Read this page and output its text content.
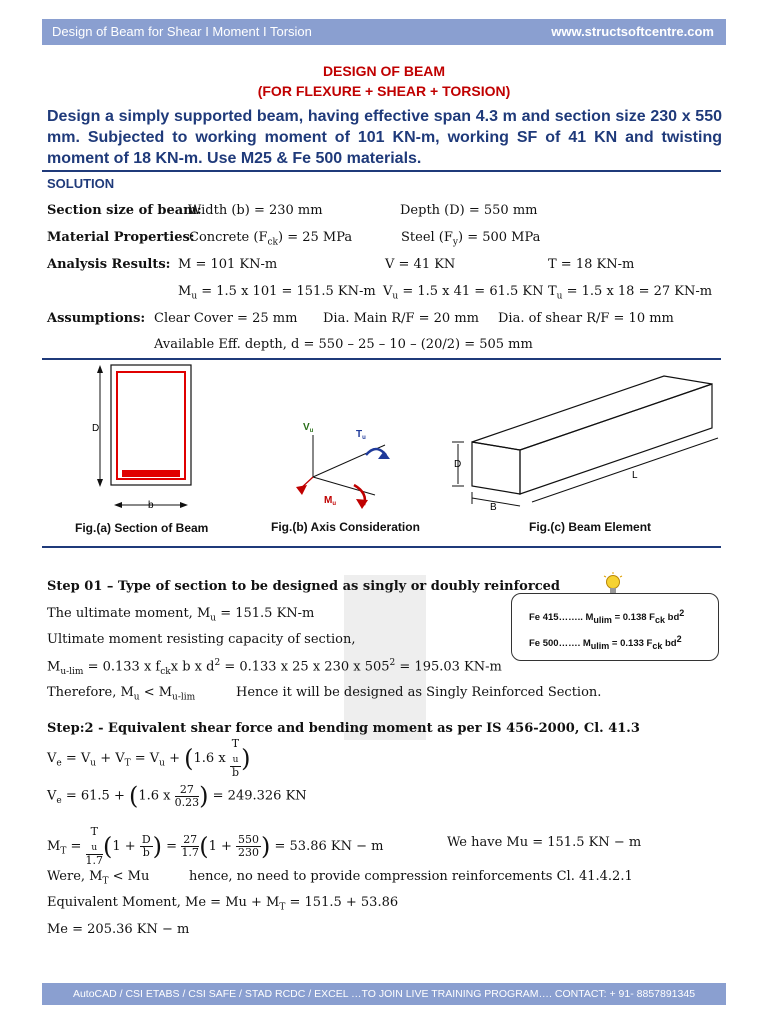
Design of Beam for Shear I Moment I Torsion	www.structsoftcentre.com
DESIGN OF BEAM
(FOR FLEXURE + SHEAR + TORSION)
Design a simply supported beam, having effective span 4.3 m and section size 230 x 550 mm. Subjected to working moment of 101 KN-m, working SF of 41 KN and twisting moment of 18 KN-m. Use M25 & Fe 500 materials.
SOLUTION
Section size of beam:
Width (b) = 230 mm	Depth (D) = 550 mm
Material Properties:
Concrete $(F_{ck}) = 25$ MPa	Steel $(F_y) = 500$ MPa
Analysis Results: M = 101 KN-m	V = 41 KN	T = 18 KN-m
$M_u = 1.5$ x 101 = 151.5 KN-m $V_u = 1.5$ x 41 = 61.5 KN $T_u = 1.5$ x 18 = 27 KN-m
Assumptions: Clear Cover = 25 mm Dia. Main R/F = 20 mm Dia. of shear R/F = 10 mm
Available Eff. depth, d = 550 – 25 – 10 – (20/2) = 505 mm
D
b
Fig.(a) Section of Beam
$V_u$	$T_u$
$M_u$
Fig.(b) Axis Consideration
D
B
L
Fig.(c) Beam Element
Step 01 – Type of section to be designed as singly or doubly reinforced
Fe 415…….. $M_{ulim} = 0.138$ $F_{ck}$ $bd^2$
Fe 500……. $M_{ulim} = 0.133$ $F_{ck}$ $bd^2$
The ultimate moment, $M_u = 151.5$ KN-m
Ultimate moment resisting capacity of section,
$M_{u-lim} = 0.133$ x $f_{ck}x$ b x $d^2 = 0.133$ x 25 x 230 x $505^2 = 195.03$ KN-m
Therefore, $M_u < M_{u-lim}$	Hence it will be designed as Singly Reinforced Section.
Step:2 - Equivalent shear force and bending moment as per IS 456-2000, Cl. 41.3
$V_e = V_u + V_T = V_u + (1.6$ x T
$_u$
b )
$V_e = 61.5 + (1.6$ x $\frac{27}{0.23}$ ) = 249.326 KN
$M_T = T$
$_u$
1.7 ($1 + \frac{D}{b}$ ) = $\frac{27}{1.7} (1 + \frac{550}{230}$ ) = 53.86 KN − m	We have Mu = 151.5 KN − m
Were, $M_T < Mu$	hence, no need to provide compression reinforcements Cl. 41.4.2.1
Equivalent Moment, $Me = Mu + M_T = 151.5 + 53.86$
Me = 205.36 KN − m
AutoCAD / CSI ETABS / CSI SAFE / STAD RCDC / EXCEL …TO JOIN LIVE TRAINING PROGRAM…. CONTACT: + 91- 8857891345
